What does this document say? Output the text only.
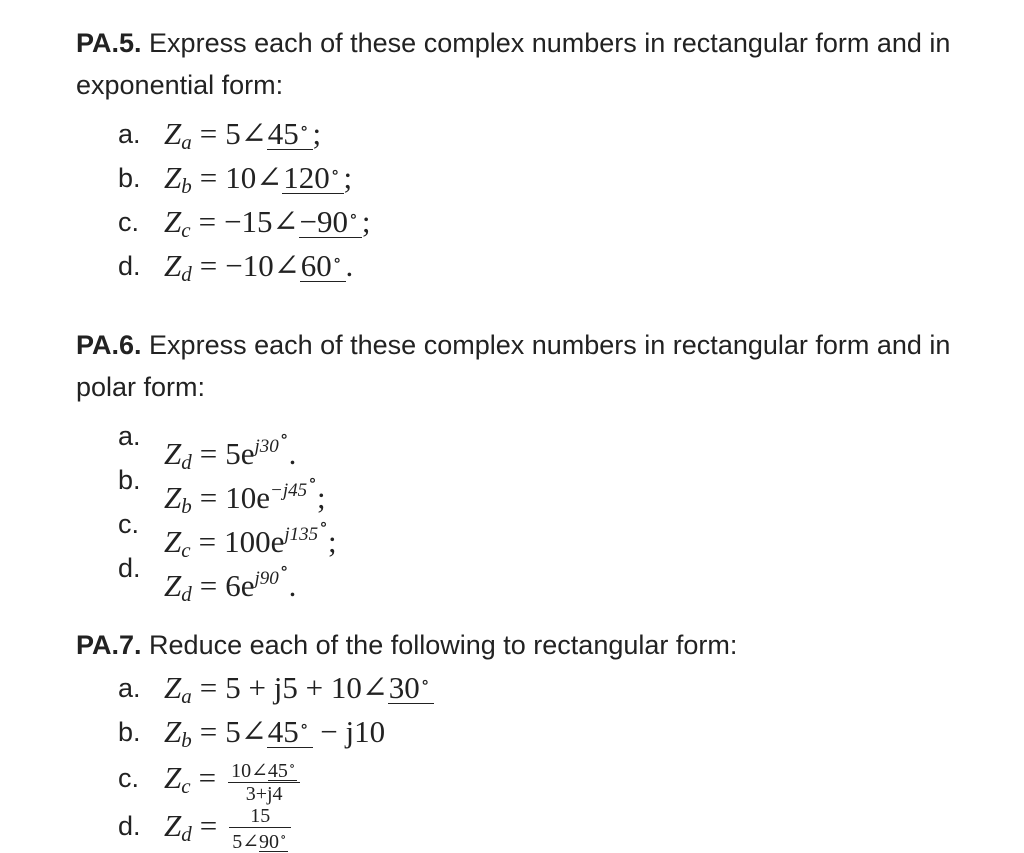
PA.5. Express each of these complex numbers in rectangular form and in exponential form:

a. $Z_a$ = 5∠45∘ ;
b. $Z_b$ = 10∠120∘ ;
c. $Z_c$ = −15∠−90∘ ;
d. $Z_d$ = −10∠60∘ .

PA.6. Express each of these complex numbers in rectangular form and in polar form:

a. $Z_d = 5e^{j30\circ}$.
b. $Z_b = 10e^{-j45\circ}$;
c. $Z_c = 100e^{j135\circ}$;
d. $Z_d = 6e^{j90\circ}$.

PA.7. Reduce each of the following to rectangular form:

a. $Z_a = 5 + j5$ + 10∠30∘
b. $Z_b$ = 5∠45∘ − j10
c. $Z_c = \frac{10\angle 45^\circ}{3+j4}$
d. $Z_d = \frac{15}{5\angle 90^\circ}$
